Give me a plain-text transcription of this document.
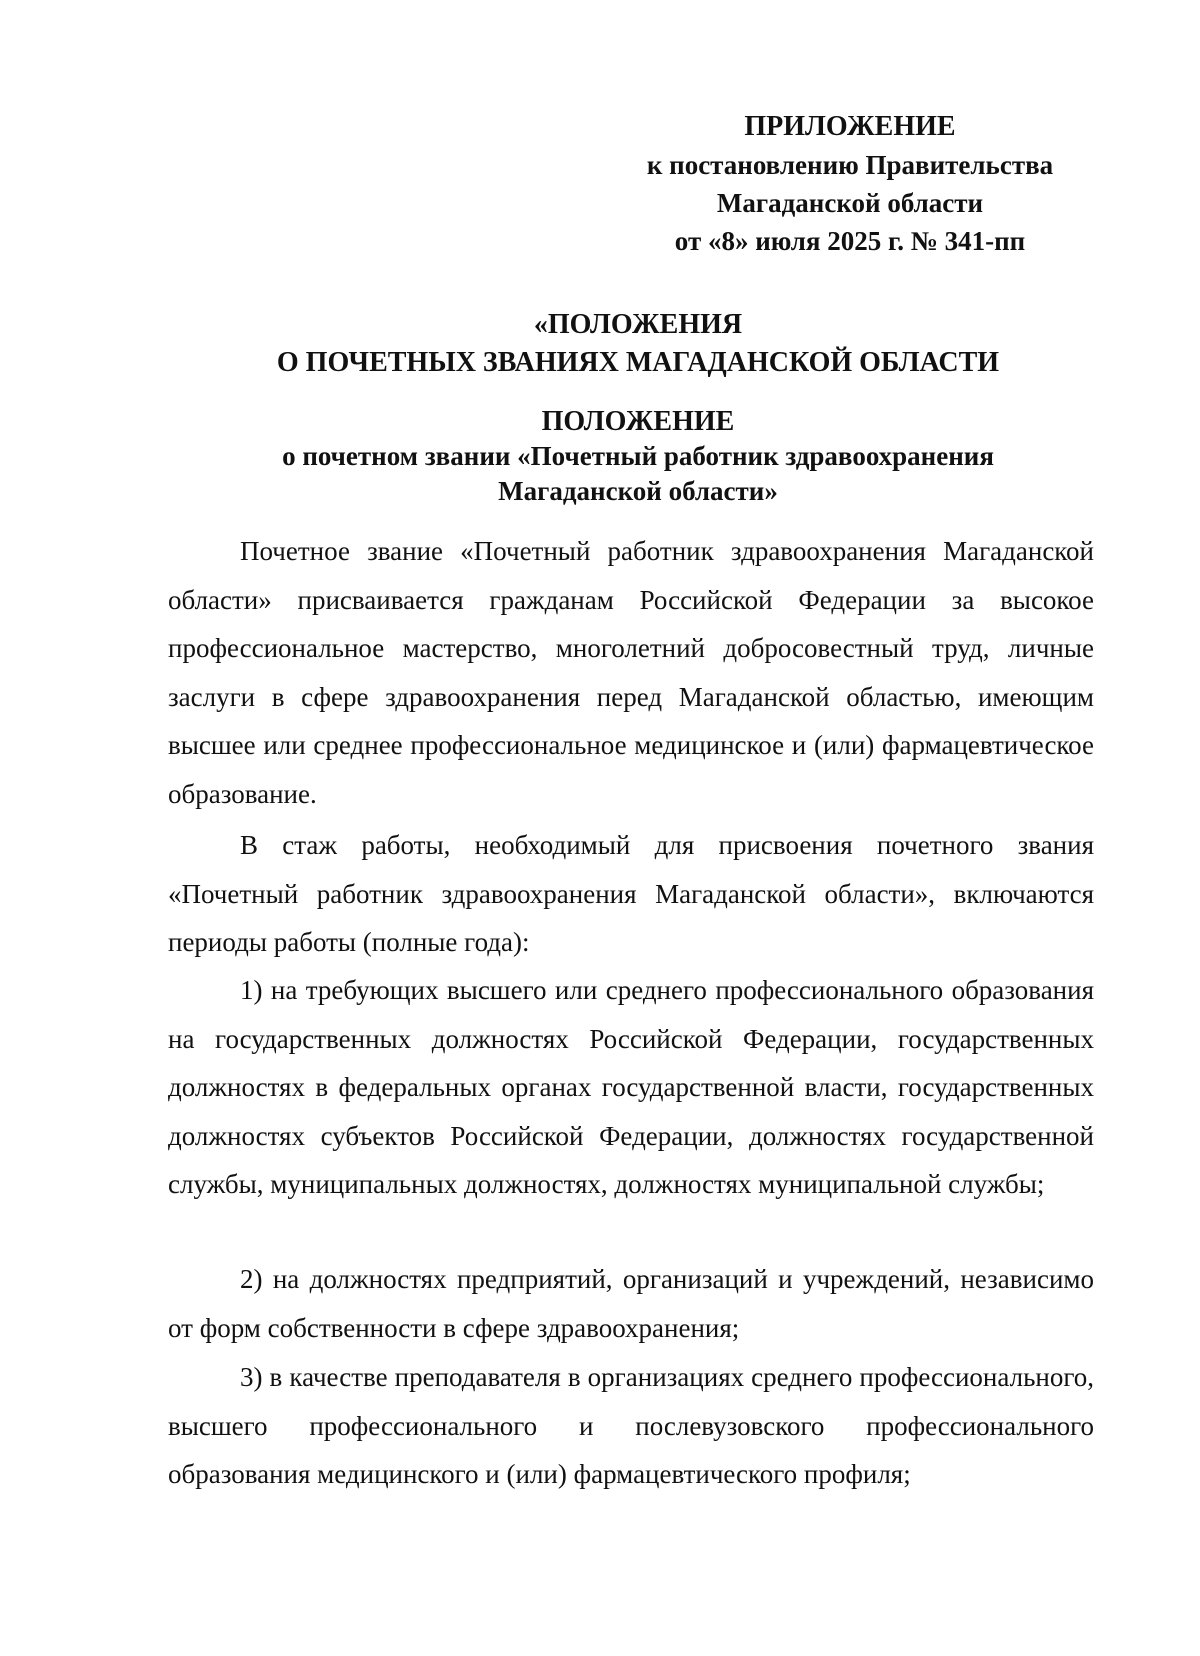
ПРИЛОЖЕНИЕ
к постановлению Правительства
Магаданской области
от «8» июля 2025 г. № 341-пп
«ПОЛОЖЕНИЯ
О ПОЧЕТНЫХ ЗВАНИЯХ МАГАДАНСКОЙ ОБЛАСТИ
ПОЛОЖЕНИЕ
о почетном звании «Почетный работник здравоохранения
Магаданской области»

Почетное звание «Почетный работник здравоохранения Магаданской области» присваивается гражданам Российской Федерации за высокое профессиональное мастерство, многолетний добросовестный труд, личные заслуги в сфере здравоохранения перед Магаданской областью, имеющим высшее или среднее профессиональное медицинское и (или) фармацевтическое образование.

В стаж работы, необходимый для присвоения почетного звания «Почетный работник здравоохранения Магаданской области», включаются периоды работы (полные года):

1) на требующих высшего или среднего профессионального образования на государственных должностях Российской Федерации, государственных должностях в федеральных органах государственной власти, государственных должностях субъектов Российской Федерации, должностях государственной службы, муниципальных должностях, должностях муниципальной службы;

2) на должностях предприятий, организаций и учреждений, независимо от форм собственности в сфере здравоохранения;

3) в качестве преподавателя в организациях среднего профессионального, высшего профессионального и послевузовского профессионального образования медицинского и (или) фармацевтического профиля;
